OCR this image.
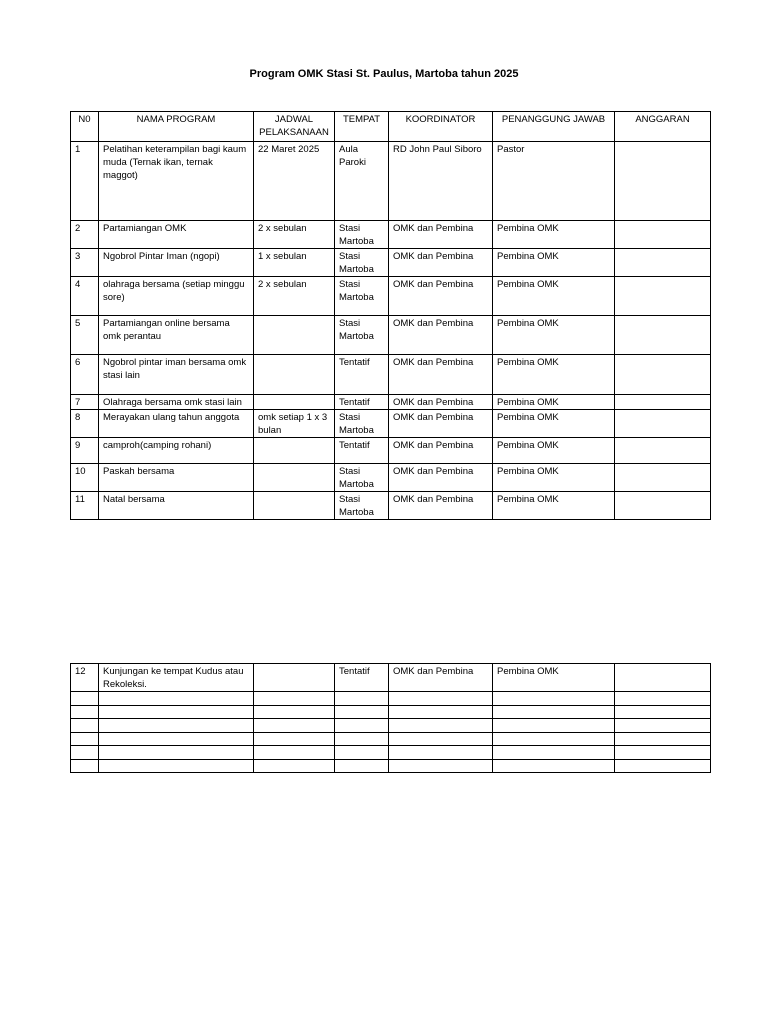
Program OMK Stasi St. Paulus, Martoba tahun 2025
N0	NAMA PROGRAM	JADWAL PELAKSANAAN	TEMPAT	KOORDINATOR	PENANGGUNG JAWAB	ANGGARAN
1	Pelatihan keterampilan bagi kaum muda (Ternak ikan, ternak maggot)	22 Maret 2025	Aula Paroki	RD John Paul Siboro	Pastor	
2	Partamiangan OMK	2 x sebulan	Stasi Martoba	OMK dan Pembina	Pembina OMK	
3	Ngobrol Pintar Iman (ngopi)	1 x sebulan	Stasi Martoba	OMK dan Pembina	Pembina OMK	
4	olahraga bersama (setiap minggu sore)	2 x sebulan	Stasi Martoba	OMK dan Pembina	Pembina OMK	
5	Partamiangan online bersama omk perantau		Stasi Martoba	OMK dan Pembina	Pembina OMK	
6	Ngobrol pintar iman bersama omk stasi lain		Tentatif	OMK dan Pembina	Pembina OMK	
7	Olahraga bersama omk stasi lain		Tentatif	OMK dan Pembina	Pembina OMK	
8	Merayakan ulang tahun anggota	omk setiap 1 x 3 bulan	Stasi Martoba	OMK dan Pembina	Pembina OMK	
9	camproh(camping rohani)		Tentatif	OMK dan Pembina	Pembina OMK	
10	Paskah bersama		Stasi Martoba	OMK dan Pembina	Pembina OMK	
11	Natal bersama		Stasi Martoba	OMK dan Pembina	Pembina OMK	
12	Kunjungan ke tempat Kudus atau Rekoleksi.		Tentatif	OMK dan Pembina	Pembina OMK	
